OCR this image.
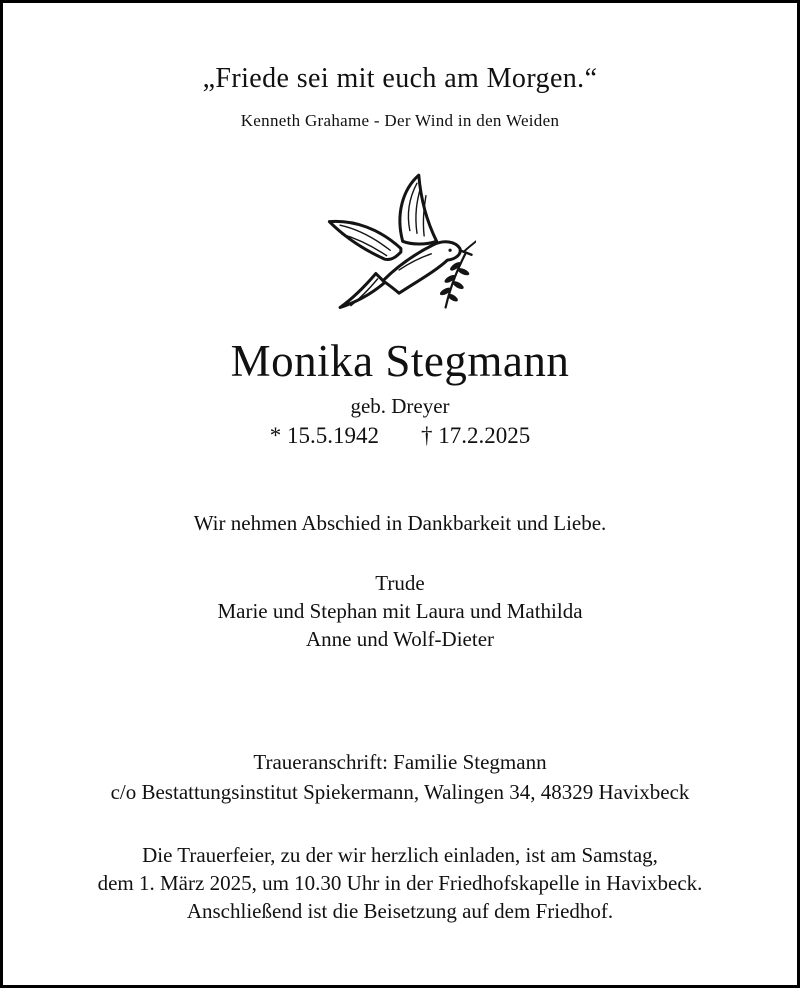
„Friede sei mit euch am Morgen.“
Kenneth Grahame - Der Wind in den Weiden
Monika Stegmann
geb. Dreyer
* 15.5.1942 † 17.2.2025
Wir nehmen Abschied in Dankbarkeit und Liebe.
Trude
Marie und Stephan mit Laura und Mathilda
Anne und Wolf-Dieter
Traueranschrift: Familie Stegmann
c/o Bestattungsinstitut Spiekermann, Walingen 34, 48329 Havixbeck
Die Trauerfeier, zu der wir herzlich einladen, ist am Samstag,
dem 1. März 2025, um 10.30 Uhr in der Friedhofskapelle in Havixbeck.
Anschließend ist die Beisetzung auf dem Friedhof.
